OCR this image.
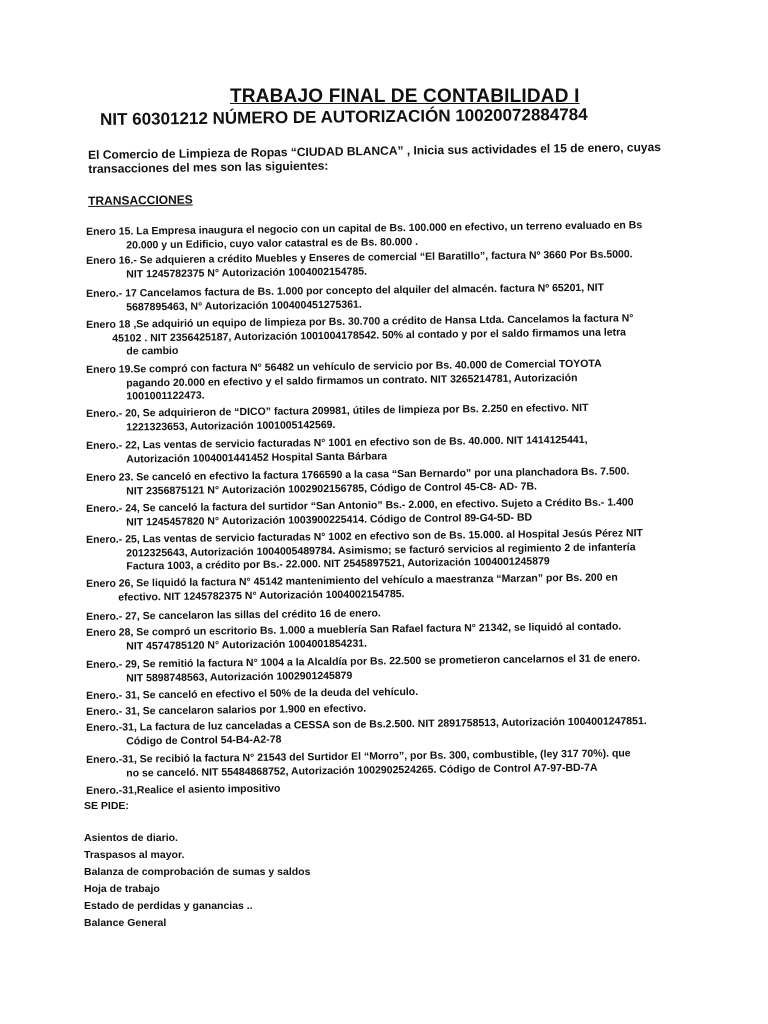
TRABAJO FINAL DE CONTABILIDAD I
NIT 60301212 NÚMERO DE AUTORIZACIÓN 10020072884784
El Comercio de Limpieza de Ropas “CIUDAD BLANCA” , Inicia sus actividades el 15 de enero, cuyas transacciones del mes son las siguientes:
TRANSACCIONES
Enero 15. La Empresa inaugura el negocio con un capital de Bs. 100.000 en efectivo, un terreno evaluado en Bs
20.000 y un Edificio, cuyo valor catastral es de Bs. 80.000 .
Enero 16.- Se adquieren a crédito Muebles y Enseres de comercial “El Baratillo”, factura Nº 3660 Por Bs.5000.
NIT 1245782375 N° Autorización 1004002154785.
Enero.- 17 Cancelamos factura de Bs. 1.000 por concepto del alquiler del almacén. factura Nº 65201, NIT
5687895463, N° Autorización 100400451275361.
Enero 18 ,Se adquirió un equipo de limpieza por Bs. 30.700 a crédito de Hansa Ltda. Cancelamos la factura N°
45102 . NIT 2356425187, Autorización 1001004178542. 50% al contado y por el saldo firmamos una letra
de cambio
Enero 19.Se compró con factura N° 56482 un vehículo de servicio por Bs. 40.000 de Comercial TOYOTA
pagando 20.000 en efectivo y el saldo firmamos un contrato. NIT 3265214781, Autorización
1001001122473.
Enero.- 20, Se adquirieron de “DICO” factura 209981, útiles de limpieza por Bs. 2.250 en efectivo. NIT
1221323653, Autorización 1001005142569.
Enero.- 22, Las ventas de servicio facturadas N° 1001 en efectivo son de Bs. 40.000. NIT 1414125441,
Autorización 1004001441452 Hospital Santa Bárbara
Enero 23. Se canceló en efectivo la factura 1766590 a la casa “San Bernardo” por una planchadora Bs. 7.500.
NIT 2356875121 N° Autorización 1002902156785, Código de Control 45-C8- AD- 7B.
Enero.- 24, Se canceló la factura del surtidor “San Antonio” Bs.- 2.000, en efectivo. Sujeto a Crédito Bs.- 1.400
NIT 1245457820 N° Autorización 1003900225414. Código de Control 89-G4-5D- BD
Enero.- 25, Las ventas de servicio facturadas N° 1002 en efectivo son de Bs. 15.000. al Hospital Jesús Pérez NIT
2012325643, Autorización 1004005489784. Asimismo; se facturó servicios al regimiento 2 de infantería
Factura 1003, a crédito por Bs.- 22.000. NIT 2545897521, Autorización 1004001245879
Enero 26, Se liquidó la factura N° 45142 mantenimiento del vehículo a maestranza “Marzan” por Bs. 200 en
efectivo. NIT 1245782375 N° Autorización 1004002154785.
Enero.- 27, Se cancelaron las sillas del crédito 16 de enero.
Enero 28, Se compró un escritorio Bs. 1.000 a mueblería San Rafael factura N° 21342, se liquidó al contado.
NIT 4574785120 N° Autorización 1004001854231.
Enero.- 29, Se remitió la factura N° 1004 a la Alcaldía por Bs. 22.500 se prometieron cancelarnos el 31 de enero.
NIT 5898748563, Autorización 1002901245879
Enero.- 31, Se canceló en efectivo el 50% de la deuda del vehículo.
Enero.- 31, Se cancelaron salarios por 1.900 en efectivo.
Enero.-31, La factura de luz canceladas a CESSA son de Bs.2.500. NIT 2891758513, Autorización 1004001247851.
Código de Control 54-B4-A2-78
Enero.-31, Se recibió la factura N° 21543 del Surtidor El “Morro”, por Bs. 300, combustible, (ley 317 70%). que
no se canceló. NIT 55484868752, Autorización 1002902524265. Código de Control A7-97-BD-7A
Enero.-31,Realice el asiento impositivo
SE PIDE:
Asientos de diario.
Traspasos al mayor.
Balanza de comprobación de sumas y saldos
Hoja de trabajo
Estado de perdidas y ganancias ..
Balance General
